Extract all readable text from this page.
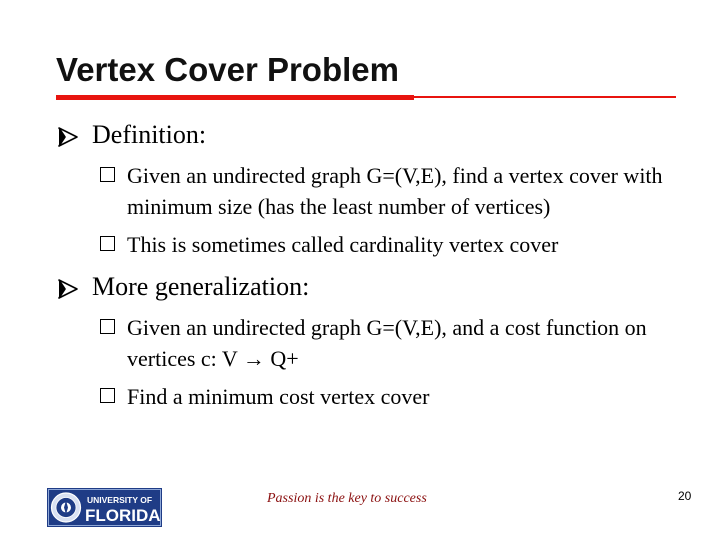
Vertex Cover Problem
Definition:
Given an undirected graph G=(V,E), find a vertex cover with minimum size (has the least number of vertices)
This is sometimes called cardinality vertex cover
More generalization:
Given an undirected graph G=(V,E), and a cost function on vertices c: V → Q+
Find a minimum cost vertex cover
UNIVERSITY OF
FLORIDA
Passion is the key to success	20
